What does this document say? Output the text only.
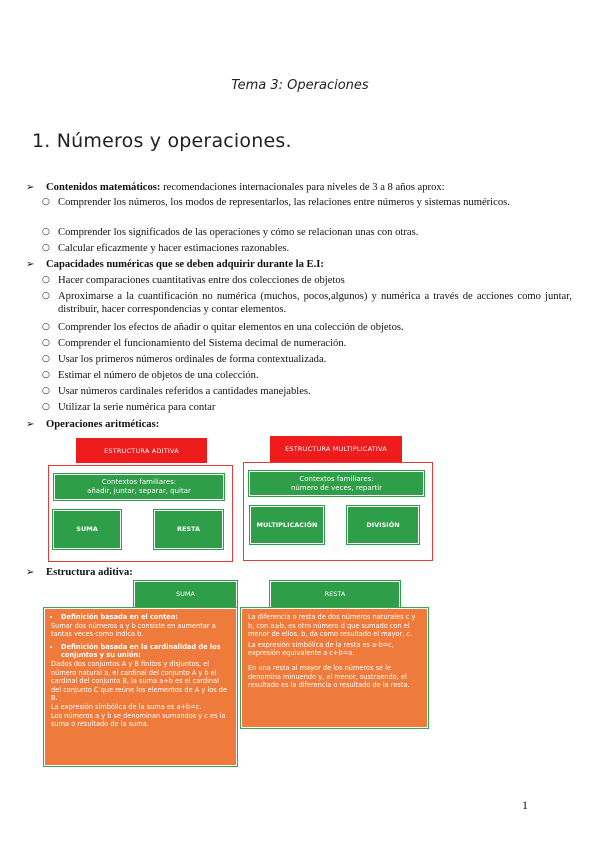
Tema 3: Operaciones
1. Números y operaciones.
➢ Contenidos matemáticos: recomendaciones internacionales para niveles de 3 a 8 años aprox:
○ Comprender los números, los modos de representarlos, las relaciones entre números y sistemas numéricos.
○ Comprender los significados de las operaciones y cómo se relacionan unas con otras.
○ Calcular eficazmente y hacer estimaciones razonables.
➢ Capacidades numéricas que se deben adquirir durante la E.I:
○ Hacer comparaciones cuantitativas entre dos colecciones de objetos
○ Aproximarse a la cuantificación no numérica (muchos, pocos,algunos) y numérica a través de acciones como juntar, distribuir, hacer correspondencias y contar elementos.
○ Comprender los efectos de añadir o quitar elementos en una colección de objetos.
○ Comprender el funcionamiento del Sistema decimal de numeración.
○ Usar los primeros números ordinales de forma contextualizada.
○ Estimar el número de objetos de una colección.
○ Usar números cardinales referidos a cantidades manejables.
○ Utilizar la serie numérica para contar
➢ Operaciones aritméticas:
ESTRUCTURA ADITIVA
Contextos familiares:
añadir, juntar, separar, quitar
SUMA	RESTA
ESTRUCTURA MULTIPLICATIVA
Contextos familiares:
número de veces, repartir
MULTIPLICACIÓN	DIVISIÓN
➢ Estructura aditiva:
SUMA
• Definición basada en el conteo:

Sumar dos números a y b consiste en aumentar a tantas veces como indica b.

• Definición basada en la cardinalidad de los conjuntos y su unión:

Dados dos conjuntos A y B finitos y disjuntos, el número natural a, el cardinal del conjunto A y b el cardinal del conjunto B, la suma a+b es el cardinal del conjunto C que reúne los elementos de A y los de B.

La expresión simbólica de la suma es a+b=c.

Los números a y b se denominan sumandos y c es la suma o resultado de la suma.

RESTA

La diferencia o resta de dos números naturales c y b, con a≥b, es otro número d que sumado con el menor de ellos, b, da como resultado el mayor, c.

La expresión simbólica de la resta es a-b=c, expresión equivalente a c+b=a.

En una resta al mayor de los números se le denomina minuendo y, al menor, sustraendo, el resultado es la diferencia o resultado de la resta.

1
